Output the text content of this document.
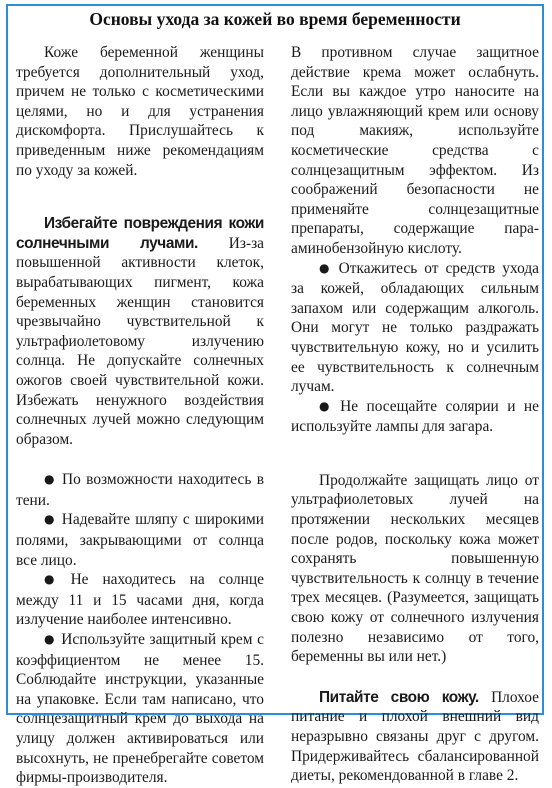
Основы ухода за кожей во время беременности

Коже беременной женщины требуется дополнительный уход, причем не только с косметическими целями, но и для устранения дискомфорта. Прислушайтесь к приведенным ниже рекомендациям по уходу за кожей.

Избегайте повреждения кожи солнечными лучами. Из-за повышенной активности клеток, вырабатывающих пигмент, кожа беременных женщин становится чрезвычайно чувствительной к ультрафиолетовому излучению солнца. Не допускайте солнечных ожогов своей чувствительной кожи. Избежать ненужного воздействия солнечных лучей можно следующим образом.

● По возможности находитесь в тени.

● Надевайте шляпу с широкими полями, закрывающими от солнца все лицо.

● Не находитесь на солнце между 11 и 15 часами дня, когда излучение наиболее интенсивно.

● Используйте защитный крем с коэффициентом не менее 15. Соблюдайте инструкции, указанные на упаковке. Если там написано, что солнцезащитный крем до выхода на улицу должен активироваться или высохнуть, не пренебрегайте советом фирмы-производителя.

В противном случае защитное действие крема может ослабнуть. Если вы каждое утро наносите на лицо увлажняющий крем или основу под макияж, используйте косметические средства с солнцезащитным эффектом. Из соображений безопасности не применяйте солнцезащитные препараты, содержащие пара-аминобензойную кислоту.

● Откажитесь от средств ухода за кожей, обладающих сильным запахом или содержащим алкоголь. Они могут не только раздражать чувствительную кожу, но и усилить ее чувствительность к солнечным лучам.

● Не посещайте солярии и не используйте лампы для загара.

Продолжайте защищать лицо от ультрафиолетовых лучей на протяжении нескольких месяцев после родов, поскольку кожа может сохранять повышенную чувствительность к солнцу в течение трех месяцев. (Разумеется, защищать свою кожу от солнечного излучения полезно независимо от того, беременны вы или нет.)

Питайте свою кожу. Плохое питание и плохой внешний вид неразрывно связаны друг с другом. Придерживайтесь сбалансированной диеты, рекомендованной в главе 2.
